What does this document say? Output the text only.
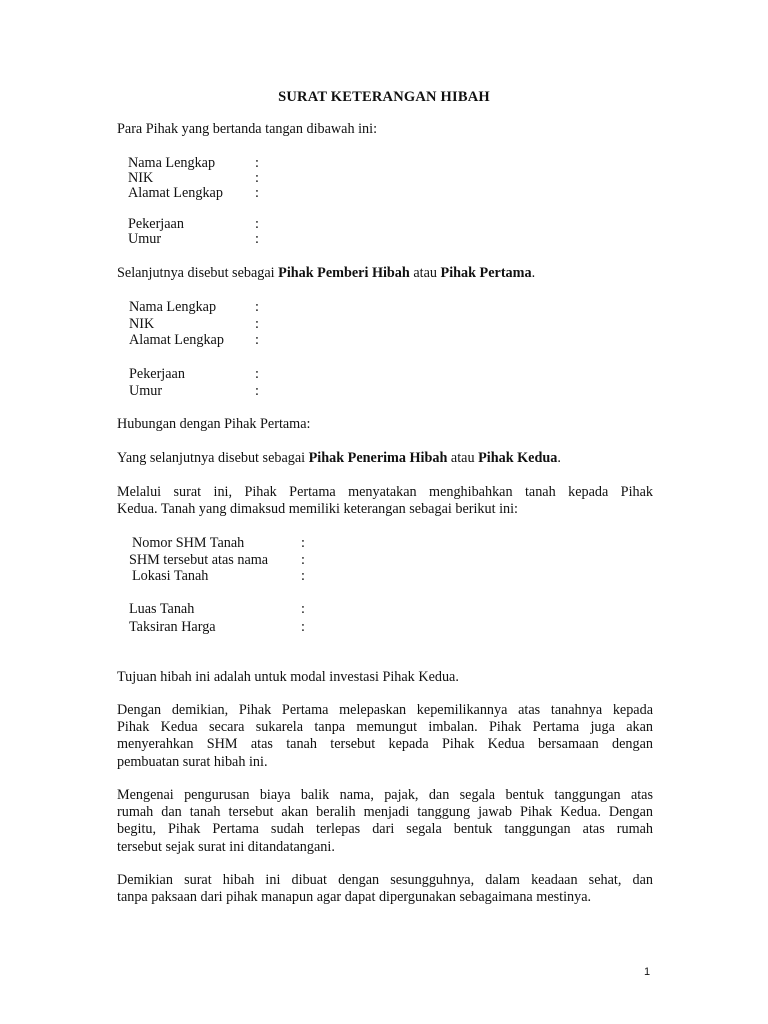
SURAT KETERANGAN HIBAH
Para Pihak yang bertanda tangan dibawah ini:
Nama Lengkap	:
NIK	:
Alamat Lengkap :
Pekerjaan	:
Umur	:
Selanjutnya disebut sebagai Pihak Pemberi Hibah atau Pihak Pertama.
Nama Lengkap	:
NIK	:
Alamat Lengkap :
Pekerjaan	:
Umur	:
Hubungan dengan Pihak Pertama:
Yang selanjutnya disebut sebagai Pihak Penerima Hibah atau Pihak Kedua.
Melalui surat ini, Pihak Pertama menyatakan menghibahkan tanah kepada Pihak
Kedua. Tanah yang dimaksud memiliki keterangan sebagai berikut ini:
Nomor SHM Tanah	:
SHM tersebut atas nama :
Lokasi Tanah	:
Luas Tanah	:
Taksiran Harga	:
Tujuan hibah ini adalah untuk modal investasi Pihak Kedua.
Dengan demikian, Pihak Pertama melepaskan kepemilikannya atas tanahnya kepada
Pihak Kedua secara sukarela tanpa memungut imbalan. Pihak Pertama juga akan
menyerahkan SHM atas tanah tersebut kepada Pihak Kedua bersamaan dengan
pembuatan surat hibah ini.
Mengenai pengurusan biaya balik nama, pajak, dan segala bentuk tanggungan atas
rumah dan tanah tersebut akan beralih menjadi tanggung jawab Pihak Kedua. Dengan
begitu, Pihak Pertama sudah terlepas dari segala bentuk tanggungan atas rumah
tersebut sejak surat ini ditandatangani.
Demikian surat hibah ini dibuat dengan sesungguhnya, dalam keadaan sehat, dan
tanpa paksaan dari pihak manapun agar dapat dipergunakan sebagaimana mestinya.
1
